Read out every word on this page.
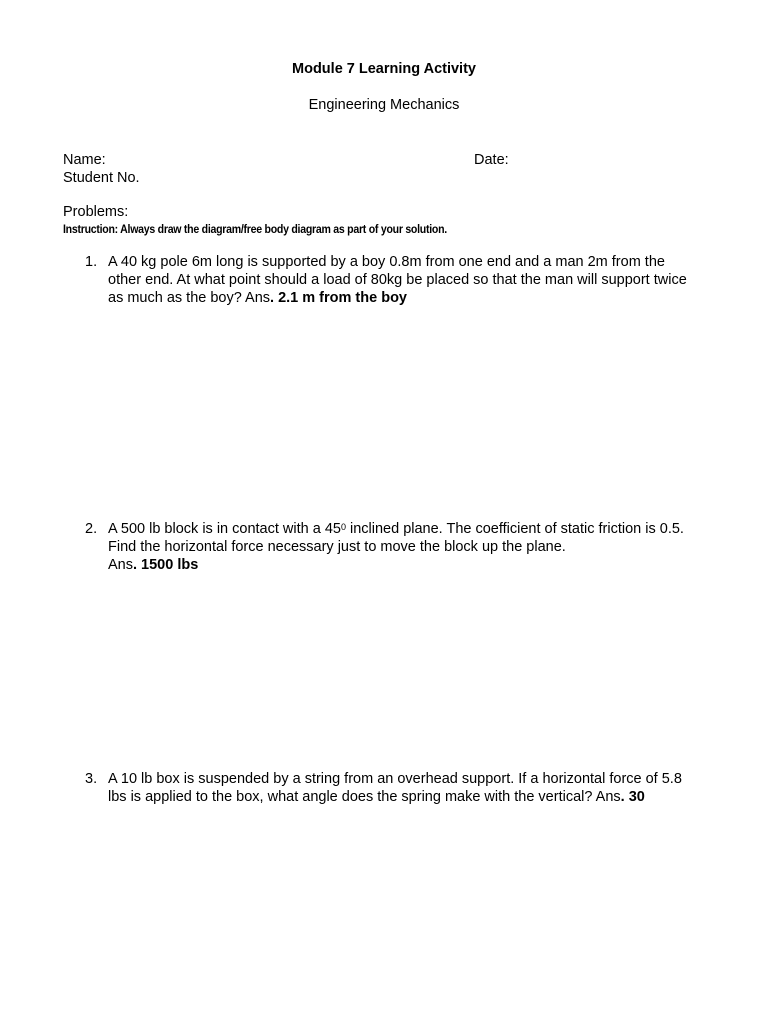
Module 7 Learning Activity
Engineering Mechanics
Name:	Date:
Student No.
Problems:
Instruction: Always draw the diagram/free body diagram as part of your solution.
1. A 40 kg pole 6m long is supported by a boy 0.8m from one end and a man 2m from the other end. At what point should a load of 80kg be placed so that the man will support twice as much as the boy? Ans. 2.1 m from the boy
2. A 500 lb block is in contact with a $45^0$ inclined plane. The coefficient of static friction is 0.5. Find the horizontal force necessary just to move the block up the plane.
Ans. 1500 lbs
3. A 10 lb box is suspended by a string from an overhead support. If a horizontal force of 5.8 lbs is applied to the box, what angle does the spring make with the vertical? Ans. 30
